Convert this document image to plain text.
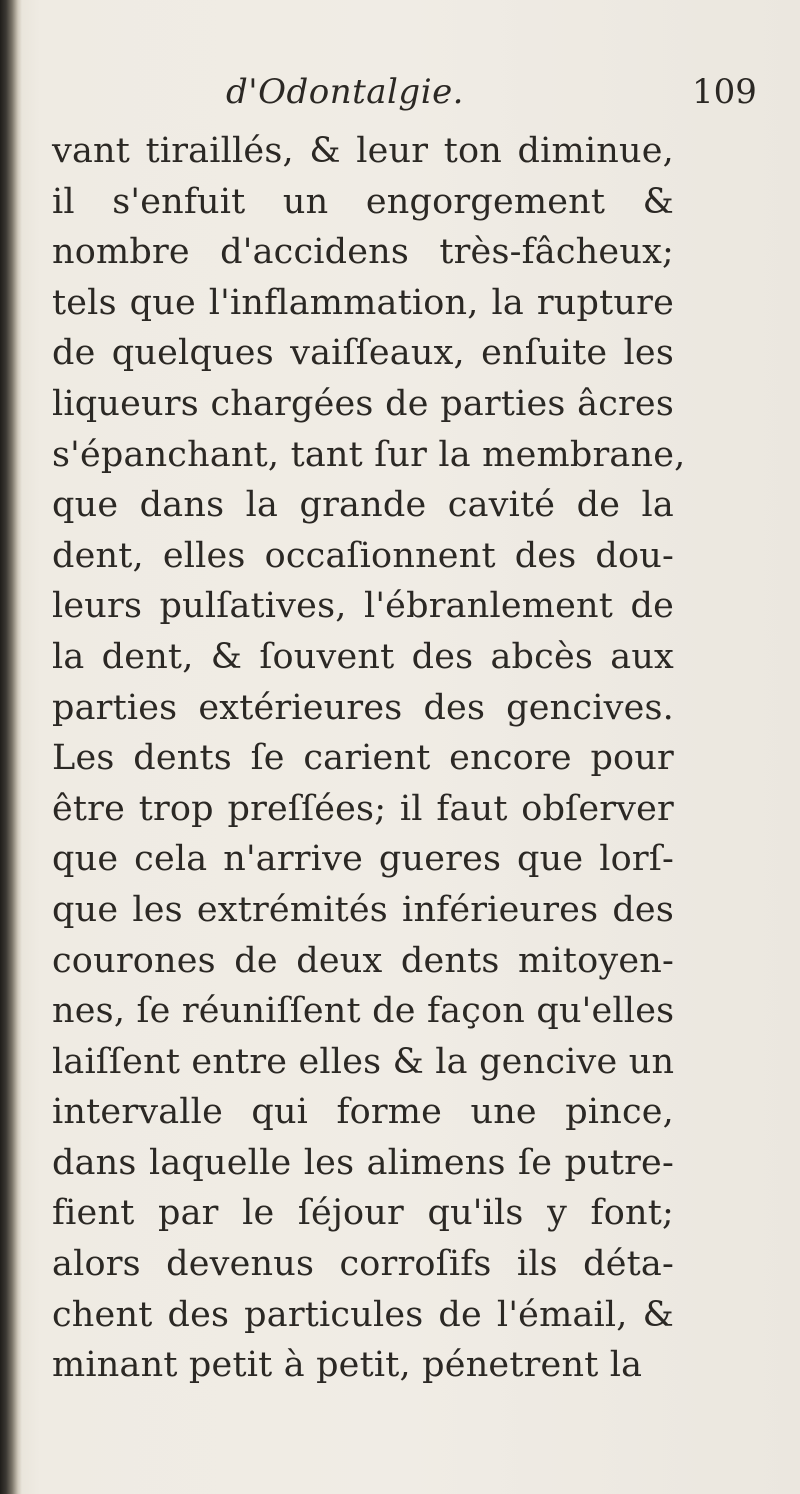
d'Odontalgie.	109
vant tiraillés, & leur ton diminue,
il s'enfuit un engorgement &
nombre d'accidens très-fâcheux;
tels que l'inflammation, la rupture
de quelques vaiſſeaux, enſuite les
liqueurs chargées de parties âcres
s'épanchant, tant ſur la membrane,
que dans la grande cavité de la
dent, elles occaſionnent des dou-
leurs pulſatives, l'ébranlement de
la dent, & ſouvent des abcès aux
parties extérieures des gencives.
Les dents ſe carient encore pour
être trop preſſées; il faut obſerver
que cela n'arrive gueres que lorſ-
que les extrémités inférieures des
courones de deux dents mitoyen-
nes, ſe réuniſſent de façon qu'elles
laiſſent entre elles & la gencive un
intervalle qui forme une pince,
dans laquelle les alimens ſe putre-
fient par le ſéjour qu'ils y font;
alors devenus corroſifs ils déta-
chent des particules de l'émail, &
minant petit à petit, pénetrent la
